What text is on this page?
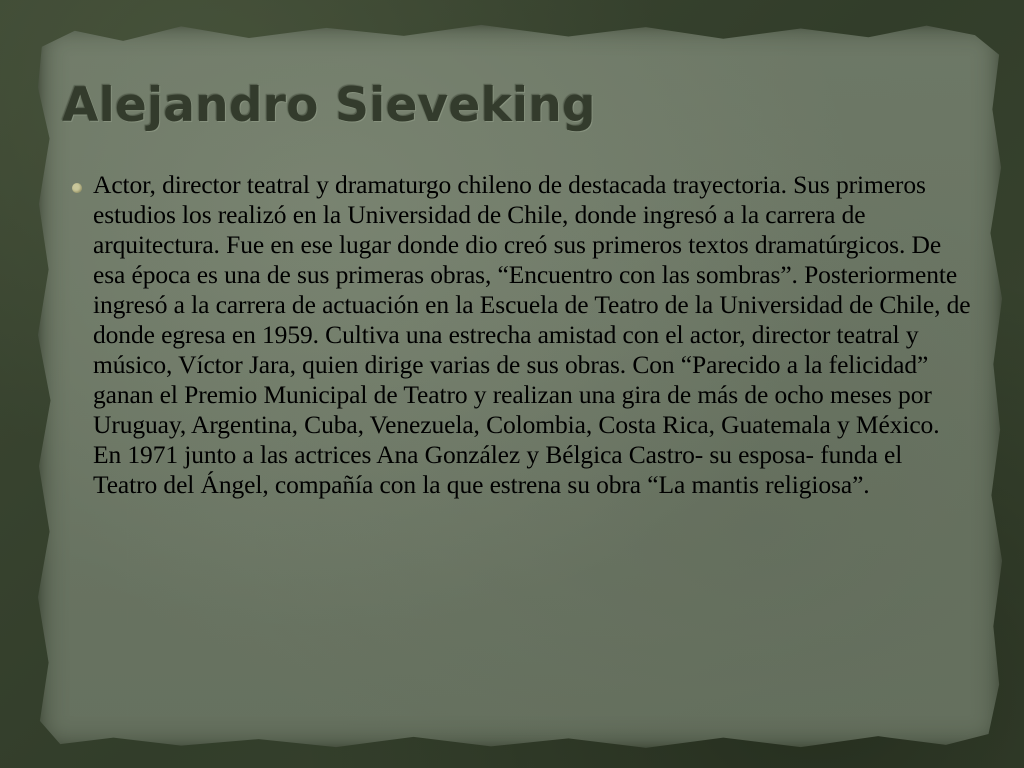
Alejandro Sieveking

Actor, director teatral y dramaturgo chileno de destacada trayectoria. Sus primeros estudios los realizó en la Universidad de Chile, donde ingresó a la carrera de arquitectura. Fue en ese lugar donde dio creó sus primeros textos dramatúrgicos. De esa época es una de sus primeras obras, “Encuentro con las sombras”. Posteriormente ingresó a la carrera de actuación en la Escuela de Teatro de la Universidad de Chile, de donde egresa en 1959. Cultiva una estrecha amistad con el actor, director teatral y músico, Víctor Jara, quien dirige varias de sus obras. Con “Parecido a la felicidad” ganan el Premio Municipal de Teatro y realizan una gira de más de ocho meses por Uruguay, Argentina, Cuba, Venezuela, Colombia, Costa Rica, Guatemala y México. En 1971 junto a las actrices Ana González y Bélgica Castro- su esposa- funda el Teatro del Ángel, compañía con la que estrena su obra “La mantis religiosa”.
